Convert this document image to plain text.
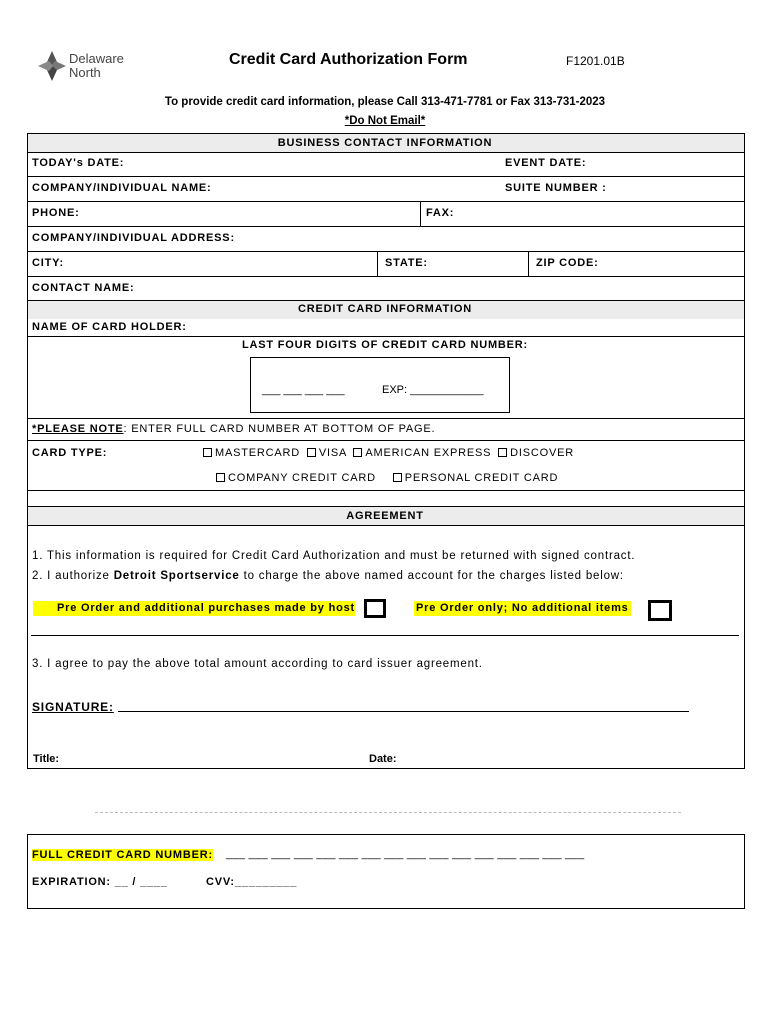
Delaware
North
Credit Card Authorization Form	F1201.01B
To provide credit card information, please Call 313-471-7781 or Fax 313-731-2023
*Do Not Email*
BUSINESS CONTACT INFORMATION
TODAY's DATE:	EVENT DATE:
COMPANY/INDIVIDUAL NAME:	SUITE NUMBER :
PHONE:	FAX:
COMPANY/INDIVIDUAL ADDRESS:
CITY:	STATE:	ZIP CODE:
CONTACT NAME:
CREDIT CARD INFORMATION
NAME OF CARD HOLDER:
LAST FOUR DIGITS OF CREDIT CARD NUMBER:
___ ___ ___ ___	EXP: ____________
*PLEASE NOTE: ENTER FULL CARD NUMBER AT BOTTOM OF PAGE.
CARD TYPE:	MASTERCARD VISA AMERICAN EXPRESS DISCOVER
COMPANY CREDIT CARD	PERSONAL CREDIT CARD
AGREEMENT
1. This information is required for Credit Card Authorization and must be returned with signed contract.
2. I authorize Detroit Sportservice to charge the above named account for the charges listed below:
Pre Order and additional purchases made by host	Pre Order only; No additional items
3. I agree to pay the above total amount according to card issuer agreement.
SIGNATURE:
Title:	Date:
FULL CREDIT CARD NUMBER: ___ ___ ___ ___ ___ ___ ___ ___ ___ ___ ___ ___ ___ ___ ___ ___
EXPIRATION: __ / ____	CVV:_________
